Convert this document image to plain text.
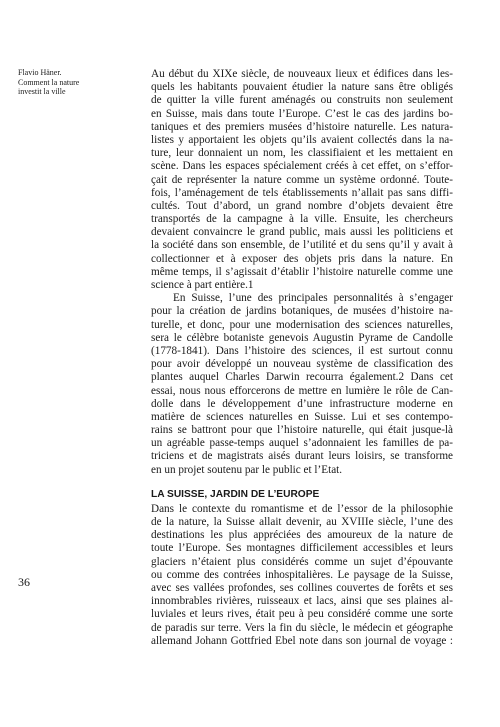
Flavio Häner.
Comment la nature
investit la ville
36
Au début du XIXe siècle, de nouveaux lieux et édifices dans les-
quels les habitants pouvaient étudier la nature sans être obligés
de quitter la ville furent aménagés ou construits non seulement
en Suisse, mais dans toute l’Europe. C’est le cas des jardins bo-
taniques et des premiers musées d’histoire naturelle. Les natura-
listes y apportaient les objets qu’ils avaient collectés dans la na-
ture, leur donnaient un nom, les classifiaient et les mettaient en
scène. Dans les espaces spécialement créés à cet effet, on s’effor-
çait de représenter la nature comme un système ordonné. Toute-
fois, l’aménagement de tels établissements n’allait pas sans diffi-
cultés. Tout d’abord, un grand nombre d’objets devaient être
transportés de la campagne à la ville. Ensuite, les chercheurs
devaient convaincre le grand public, mais aussi les politiciens et
la société dans son ensemble, de l’utilité et du sens qu’il y avait à
collectionner et à exposer des objets pris dans la nature. En
même temps, il s’agissait d’établir l’histoire naturelle comme une
science à part entière.1
En Suisse, l’une des principales personnalités à s’engager
pour la création de jardins botaniques, de musées d’histoire na-
turelle, et donc, pour une modernisation des sciences naturelles,
sera le célèbre botaniste genevois Augustin Pyrame de Candolle
(1778-1841). Dans l’histoire des sciences, il est surtout connu
pour avoir développé un nouveau système de classification des
plantes auquel Charles Darwin recourra également.2 Dans cet
essai, nous nous efforcerons de mettre en lumière le rôle de Can-
dolle dans le développement d’une infrastructure moderne en
matière de sciences naturelles en Suisse. Lui et ses contempo-
rains se battront pour que l’histoire naturelle, qui était jusque-là
un agréable passe-temps auquel s’adonnaient les familles de pa-
triciens et de magistrats aisés durant leurs loisirs, se transforme
en un projet soutenu par le public et l’Etat.
LA SUISSE, JARDIN DE L’EUROPE
Dans le contexte du romantisme et de l’essor de la philosophie
de la nature, la Suisse allait devenir, au XVIIIe siècle, l’une des
destinations les plus appréciées des amoureux de la nature de
toute l’Europe. Ses montagnes difficilement accessibles et leurs
glaciers n’étaient plus considérés comme un sujet d’épouvante
ou comme des contrées inhospitalières. Le paysage de la Suisse,
avec ses vallées profondes, ses collines couvertes de forêts et ses
innombrables rivières, ruisseaux et lacs, ainsi que ses plaines al-
luviales et leurs rives, était peu à peu considéré comme une sorte
de paradis sur terre. Vers la fin du siècle, le médecin et géographe
allemand Johann Gottfried Ebel note dans son journal de voyage :
